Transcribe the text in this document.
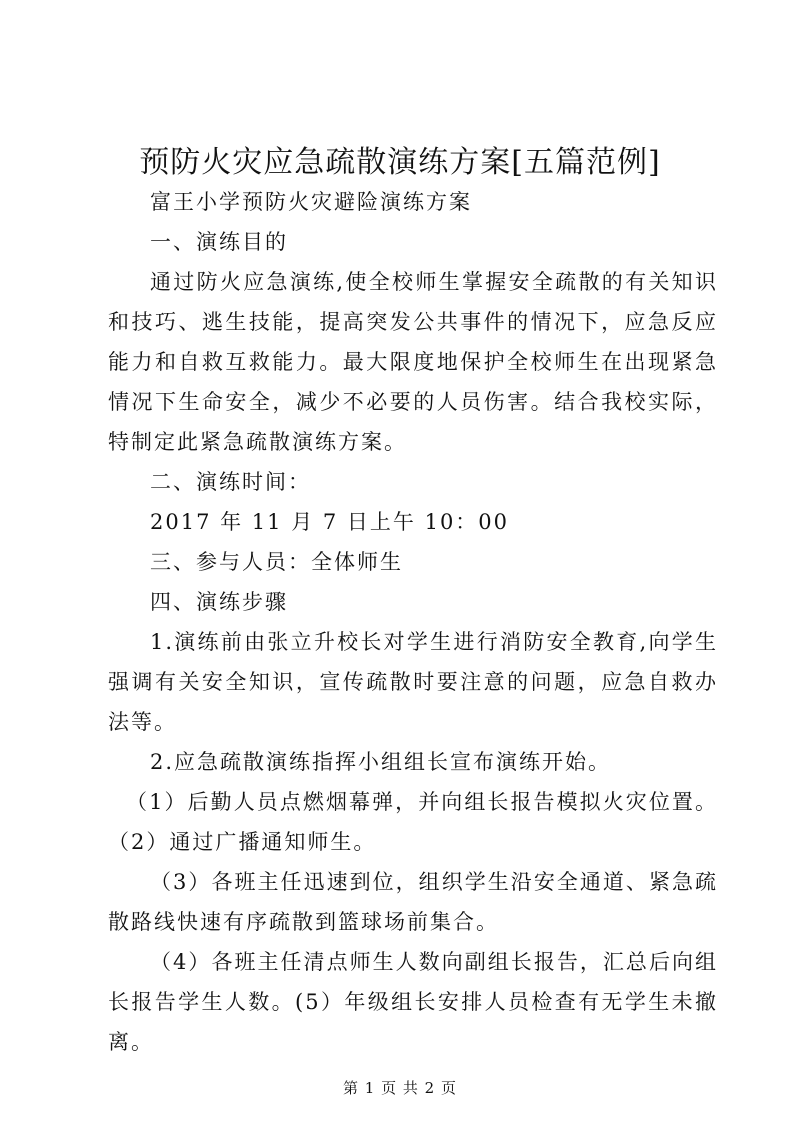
预防火灾应急疏散演练方案[五篇范例]

富王小学预防火灾避险演练方案

一、演练目的

通过防火应急演练,使全校师生掌握安全疏散的有关知识和技巧、逃生技能，提高突发公共事件的情况下，应急反应能力和自救互救能力。最大限度地保护全校师生在出现紧急情况下生命安全，减少不必要的人员伤害。结合我校实际，特制定此紧急疏散演练方案。

二、演练时间：

2017 年 11 月 7 日上午 10：00

三、参与人员：全体师生

四、演练步骤

1.演练前由张立升校长对学生进行消防安全教育,向学生强调有关安全知识，宣传疏散时要注意的问题，应急自救办法等。

2.应急疏散演练指挥小组组长宣布演练开始。

（1）后勤人员点燃烟幕弹，并向组长报告模拟火灾位置。（2）通过广播通知师生。

（3）各班主任迅速到位，组织学生沿安全通道、紧急疏散路线快速有序疏散到篮球场前集合。

（4）各班主任清点师生人数向副组长报告，汇总后向组长报告学生人数。(5）年级组长安排人员检查有无学生未撤离。

第 1 页 共 2 页
